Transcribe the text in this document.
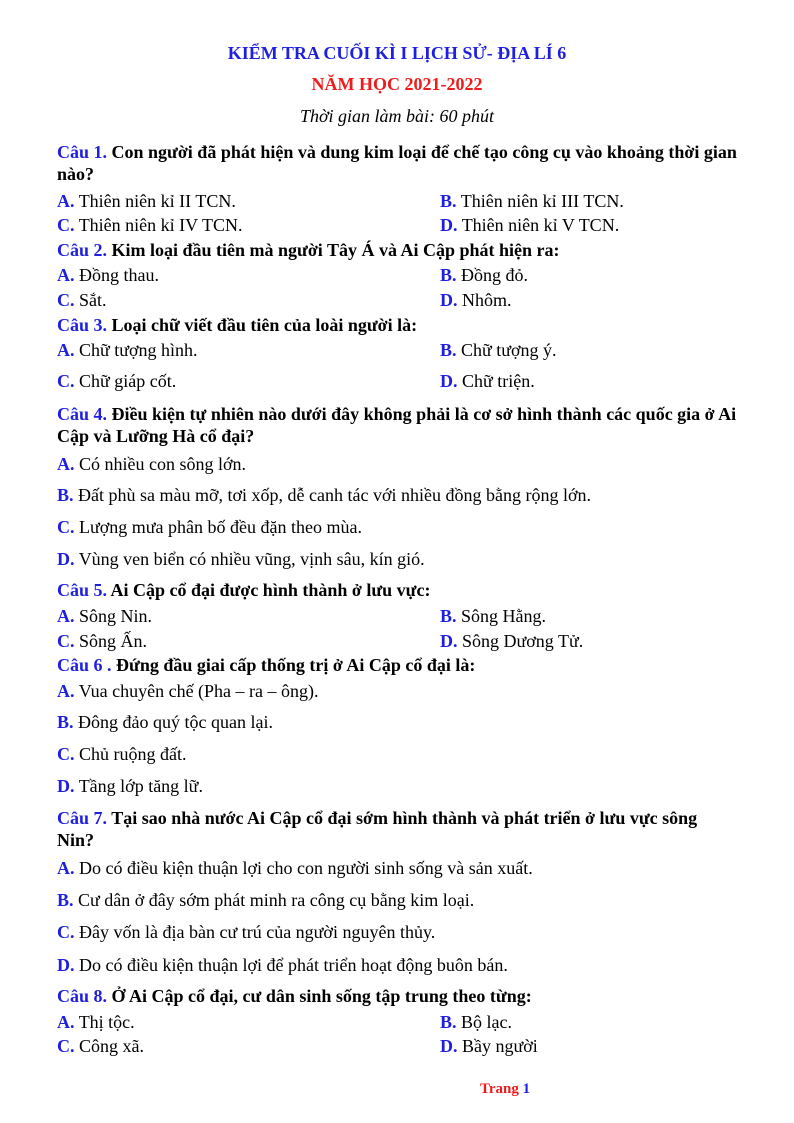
KIỂM TRA CUỐI KÌ I LỊCH SỬ- ĐỊA LÍ 6
NĂM HỌC 2021-2022
Thời gian làm bài: 60 phút
Câu 1. Con người đã phát hiện và dung kim loại để chế tạo công cụ vào khoảng thời gian nào?
A. Thiên niên kỉ II TCN.	B. Thiên niên kỉ III TCN.
C. Thiên niên kỉ IV TCN.	D. Thiên niên kỉ V TCN.
Câu 2. Kim loại đầu tiên mà người Tây Á và Ai Cập phát hiện ra:
A. Đồng thau.	B. Đồng đỏ.
C. Sắt.	D. Nhôm.
Câu 3. Loại chữ viết đầu tiên của loài người là:
A. Chữ tượng hình.	B. Chữ tượng ý.
C. Chữ giáp cốt.	D. Chữ triện.
Câu 4. Điều kiện tự nhiên nào dưới đây không phải là cơ sở hình thành các quốc gia ở Ai Cập và Lưỡng Hà cổ đại?
A. Có nhiều con sông lớn.
B. Đất phù sa màu mỡ, tơi xốp, dễ canh tác với nhiều đồng bằng rộng lớn.
C. Lượng mưa phân bố đều đặn theo mùa.
D. Vùng ven biển có nhiều vũng, vịnh sâu, kín gió.
Câu 5. Ai Cập cổ đại được hình thành ở lưu vực:
A. Sông Nin.	B. Sông Hằng.
C. Sông Ấn.	D. Sông Dương Tử.
Câu 6 . Đứng đầu giai cấp thống trị ở Ai Cập cổ đại là:
A. Vua chuyên chế (Pha – ra – ông).
B. Đông đảo quý tộc quan lại.
C. Chủ ruộng đất.
D. Tầng lớp tăng lữ.
Câu 7. Tại sao nhà nước Ai Cập cổ đại sớm hình thành và phát triển ở lưu vực sông Nin?
A. Do có điều kiện thuận lợi cho con người sinh sống và sản xuất.
B. Cư dân ở đây sớm phát minh ra công cụ bằng kim loại.
C. Đây vốn là địa bàn cư trú của người nguyên thủy.
D. Do có điều kiện thuận lợi để phát triển hoạt động buôn bán.
Câu 8. Ở Ai Cập cổ đại, cư dân sinh sống tập trung theo từng:
A. Thị tộc.	B. Bộ lạc.
C. Công xã.	D. Bầy người
Trang 1
